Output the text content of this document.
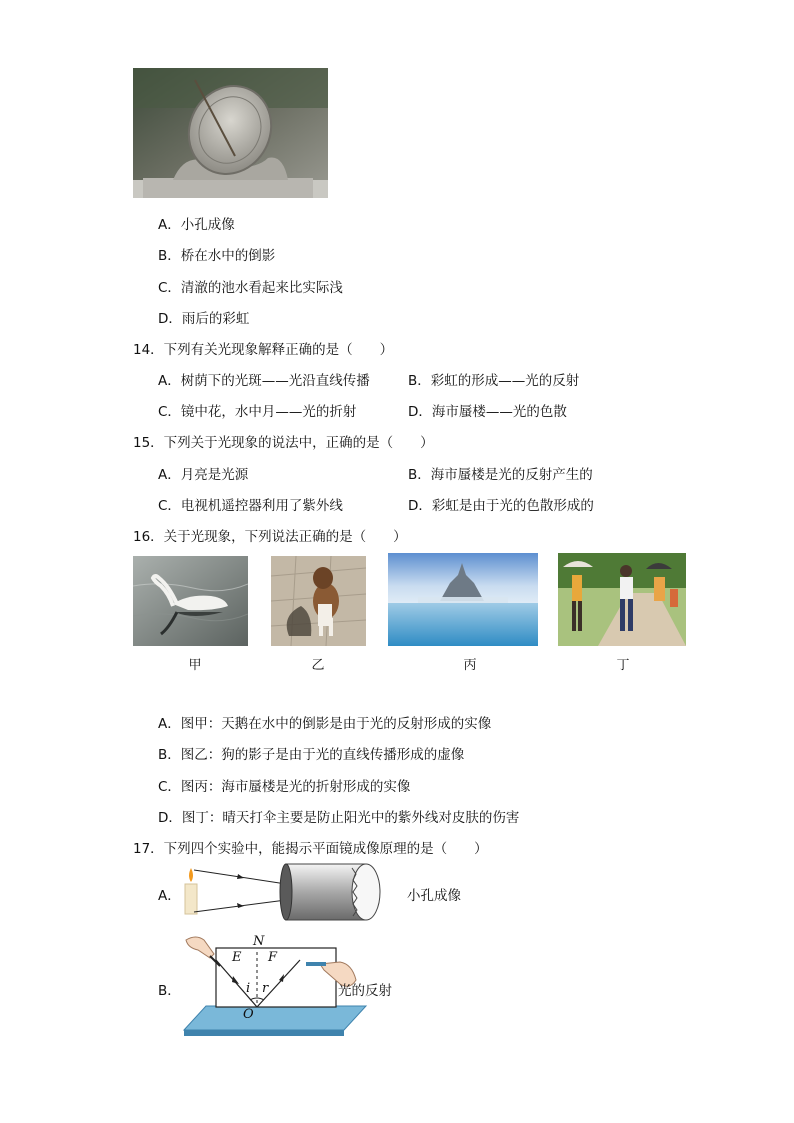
A．小孔成像
B．桥在水中的倒影
C．清澈的池水看起来比实际浅
D．雨后的彩虹
14．下列有关光现象解释正确的是（　　）
A．树荫下的光斑——光沿直线传播	B．彩虹的形成——光的反射
C．镜中花，水中月——光的折射	D．海市蜃楼——光的色散
15．下列关于光现象的说法中，正确的是（　　）
A．月亮是光源	B．海市蜃楼是光的反射产生的
C．电视机遥控器利用了紫外线	D．彩虹是由于光的色散形成的
16．关于光现象，下列说法正确的是（　　）
甲	乙	丙	丁
A．图甲：天鹅在水中的倒影是由于光的反射形成的实像
B．图乙：狗的影子是由于光的直线传播形成的虚像
C．图丙：海市蜃楼是光的折射形成的实像
D．图丁：晴天打伞主要是防止阳光中的紫外线对皮肤的伤害
17．下列四个实验中，能揭示平面镜成像原理的是（　　）
A．	小孔成像
B．
N
E F
i r
O
光的反射
